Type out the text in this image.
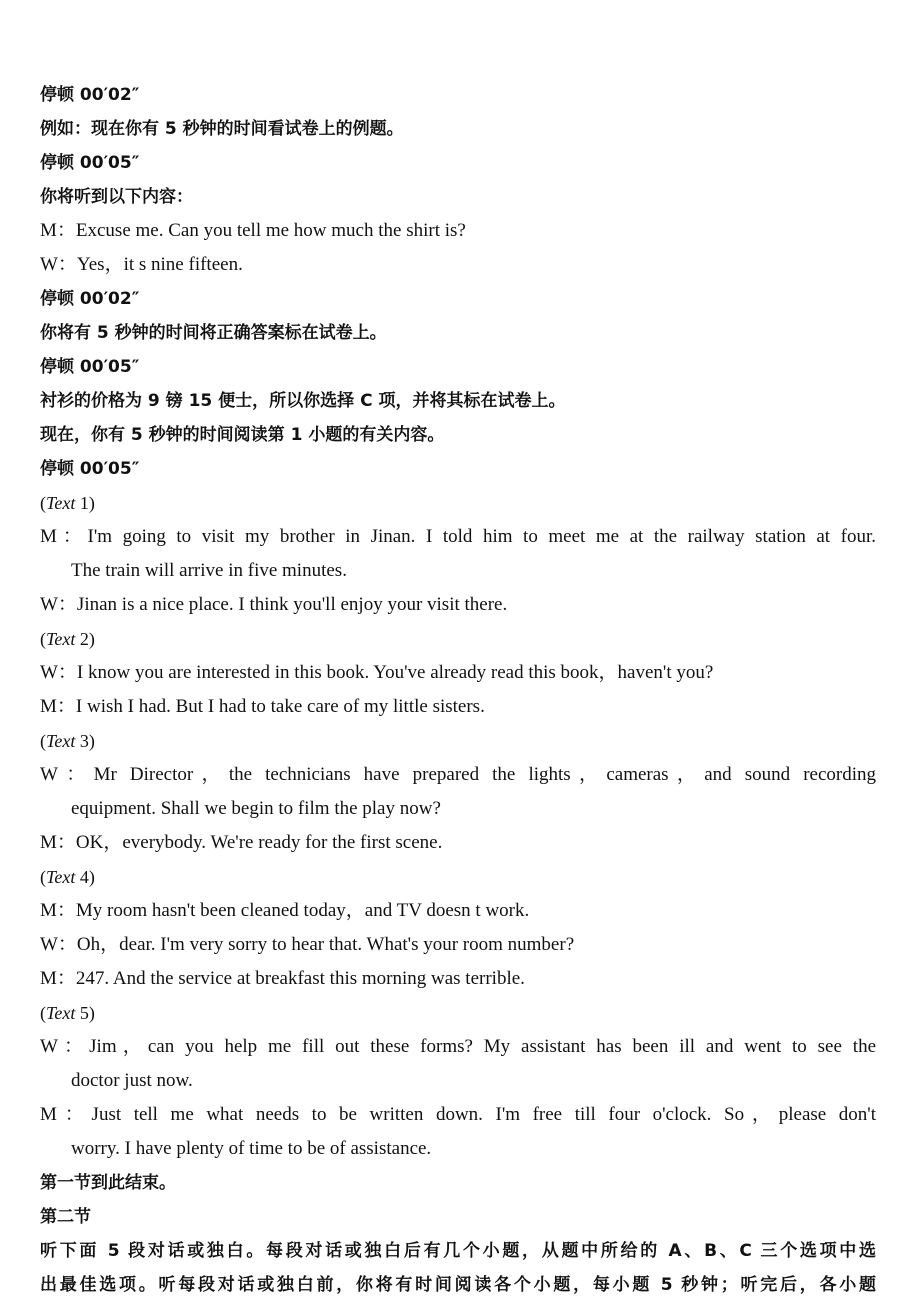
停顿 00′02″
例如：现在你有 5 秒钟的时间看试卷上的例题。
停顿 00′05″
你将听到以下内容：
M：Excuse me. Can you tell me how much the shirt is?
W：Yes，it s nine fifteen.
停顿 00′02″
你将有 5 秒钟的时间将正确答案标在试卷上。
停顿 00′05″
衬衫的价格为 9 镑 15 便士，所以你选择 C 项，并将其标在试卷上。
现在，你有 5 秒钟的时间阅读第 1 小题的有关内容。
停顿 00′05″
(Text 1)
M：I'm going to visit my brother in Jinan. I told him to meet me at the railway station at four.
The train will arrive in five minutes.
W：Jinan is a nice place. I think you'll enjoy your visit there.
(Text 2)
W：I know you are interested in this book. You've already read this book，haven't you?
M：I wish I had. But I had to take care of my little sisters.
(Text 3)
W：Mr Director，the technicians have prepared the lights，cameras，and sound recording
equipment. Shall we begin to film the play now?
M：OK，everybody. We're ready for the first scene.
(Text 4)
M：My room hasn't been cleaned today，and TV doesn t work.
W：Oh，dear. I'm very sorry to hear that. What's your room number?
M：247. And the service at breakfast this morning was terrible.
(Text 5)
W：Jim，can you help me fill out these forms? My assistant has been ill and went to see the
doctor just now.
M：Just tell me what needs to be written down. I'm free till four o'clock. So，please don't
worry. I have plenty of time to be of assistance.
第一节到此结束。
第二节
听下面 5 段对话或独白。每段对话或独白后有几个小题，从题中所给的 A、B、C 三个选项中选
出最佳选项。听每段对话或独白前，你将有时间阅读各个小题，每小题 5 秒钟；听完后，各小题
